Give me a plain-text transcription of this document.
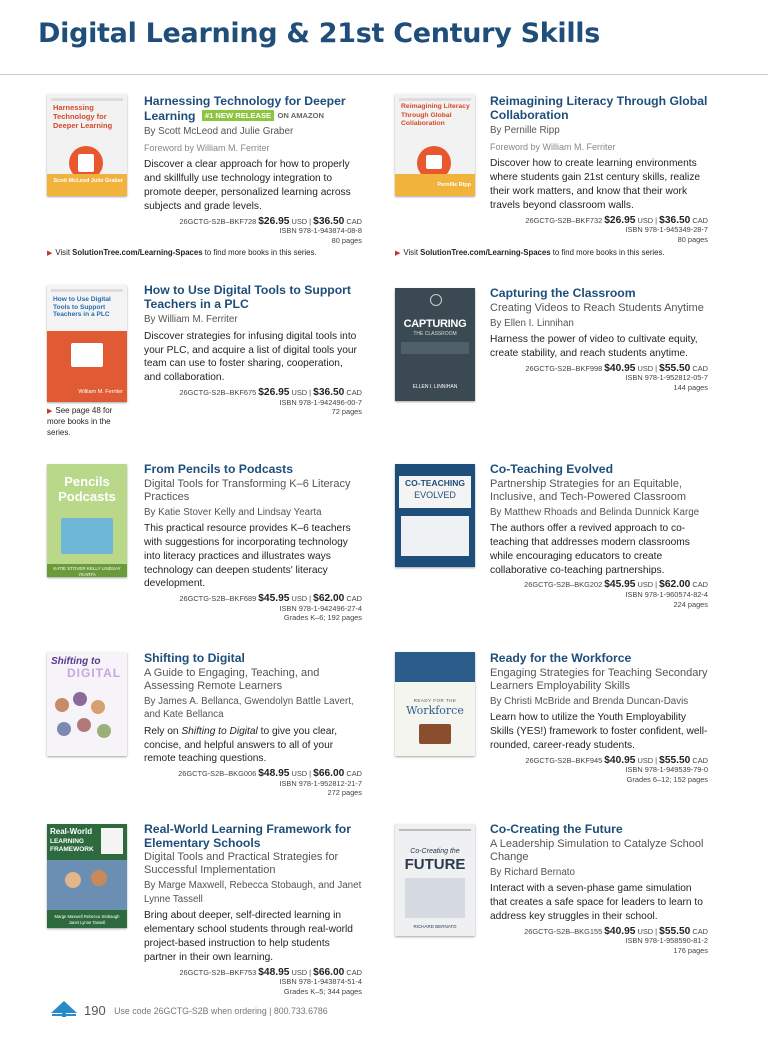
Digital Learning & 21st Century Skills
Harnessing Technology for Deeper Learning
Scott McLeod Julie Graber
Harnessing Technology for Deeper Learning #1 NEW RELEASE ON AMAZON
By Scott McLeod and Julie Graber
Foreword by William M. Ferriter
Discover a clear approach for how to properly and skillfully use technology integration to promote deeper, personalized learning across subjects and grade levels.
26GCTG-S2B–BKF728 $26.95 USD | $36.50 CAD
ISBN 978-1-943874-08-8
80 pages
▶ Visit SolutionTree.com/Learning-Spaces to find more books in this series.
Reimagining Literacy Through Global Collaboration
Pernille Ripp
Reimagining Literacy Through Global Collaboration
By Pernille Ripp
Foreword by William M. Ferriter
Discover how to create learning environments where students gain 21st century skills, realize their work matters, and know that their work travels beyond classroom walls.
26GCTG-S2B–BKF732 $26.95 USD | $36.50 CAD
ISBN 978-1-945349-28-7
80 pages
▶ Visit SolutionTree.com/Learning-Spaces to find more books in this series.
How to Use Digital Tools to Support Teachers in a PLC
William M. Ferriter
▶ See page 48 for more books in the series.
How to Use Digital Tools to Support Teachers in a PLC
By William M. Ferriter
Discover strategies for infusing digital tools into your PLC, and acquire a list of digital tools your team can use to foster sharing, cooperation, and collaboration.
26GCTG-S2B–BKF675 $26.95 USD | $36.50 CAD
ISBN 978-1-942496-00-7
72 pages
CAPTURING
THE CLASSROOM
ELLEN I. LINNIHAN
Capturing the Classroom
Creating Videos to Reach Students Anytime
By Ellen I. Linnihan
Harness the power of video to cultivate equity, create stability, and reach students anytime.
26GCTG-S2B–BKF998 $40.95 USD | $55.50 CAD
ISBN 978-1-952812-05-7
144 pages
Pencils Podcasts
KATIE STOVER KELLY LINDSAY YEARTA
From Pencils to Podcasts
Digital Tools for Transforming K–6 Literacy Practices
By Katie Stover Kelly and Lindsay Yearta
This practical resource provides K–6 teachers with suggestions for incorporating technology into literacy practices and illustrates ways technology can deepen students' literacy development.
26GCTG-S2B–BKF689 $45.95 USD | $62.00 CAD
ISBN 978-1-942496-27-4
Grades K–6; 192 pages
CO-TEACHING
EVOLVED
Co-Teaching Evolved
Partnership Strategies for an Equitable, Inclusive, and Tech-Powered Classroom
By Matthew Rhoads and Belinda Dunnick Karge
The authors offer a revived approach to co-teaching that addresses modern classrooms while encouraging educators to create collaborative co-teaching partnerships.
26GCTG-S2B–BKG202 $45.95 USD | $62.00 CAD
ISBN 978-1-960574-82-4
224 pages
Shifting to
DIGITAL
Shifting to Digital
A Guide to Engaging, Teaching, and Assessing Remote Learners
By James A. Bellanca, Gwendolyn Battle Lavert, and Kate Bellanca
Rely on Shifting to Digital to give you clear, concise, and helpful answers to all of your remote teaching questions.
26GCTG-S2B–BKG006 $48.95 USD | $66.00 CAD
ISBN 978-1-952812-21-7
272 pages
READY FOR THE
Workforce
Ready for the Workforce
Engaging Strategies for Teaching Secondary Learners Employability Skills
By Christi McBride and Brenda Duncan-Davis
Learn how to utilize the Youth Employability Skills (YES!) framework to foster confident, well-rounded, career-ready students.
26GCTG-S2B–BKF945 $40.95 USD | $55.50 CAD
ISBN 978-1-949539-79-0
Grades 6–12; 152 pages
Real-World
LEARNING FRAMEWORK
Marge Maxwell Rebecca Stobaugh Janet Lynne Tassell
Real-World Learning Framework for Elementary Schools
Digital Tools and Practical Strategies for Successful Implementation
By Marge Maxwell, Rebecca Stobaugh, and Janet Lynne Tassell
Bring about deeper, self-directed learning in elementary school students through real-world project-based instruction to help students partner in their own learning.
26GCTG-S2B–BKF753 $48.95 USD | $66.00 CAD
ISBN 978-1-943874-51-4
Grades K–5; 344 pages
Co-Creating the
FUTURE
RICHARD BERNATO
Co-Creating the Future
A Leadership Simulation to Catalyze School Change
By Richard Bernato
Interact with a seven-phase game simulation that creates a safe space for leaders to learn to address key struggles in their school.
26GCTG-S2B–BKG155 $40.95 USD | $55.50 CAD
ISBN 978-1-958590-81-2
176 pages
190 Use code 26GCTG-S2B when ordering | 800.733.6786
